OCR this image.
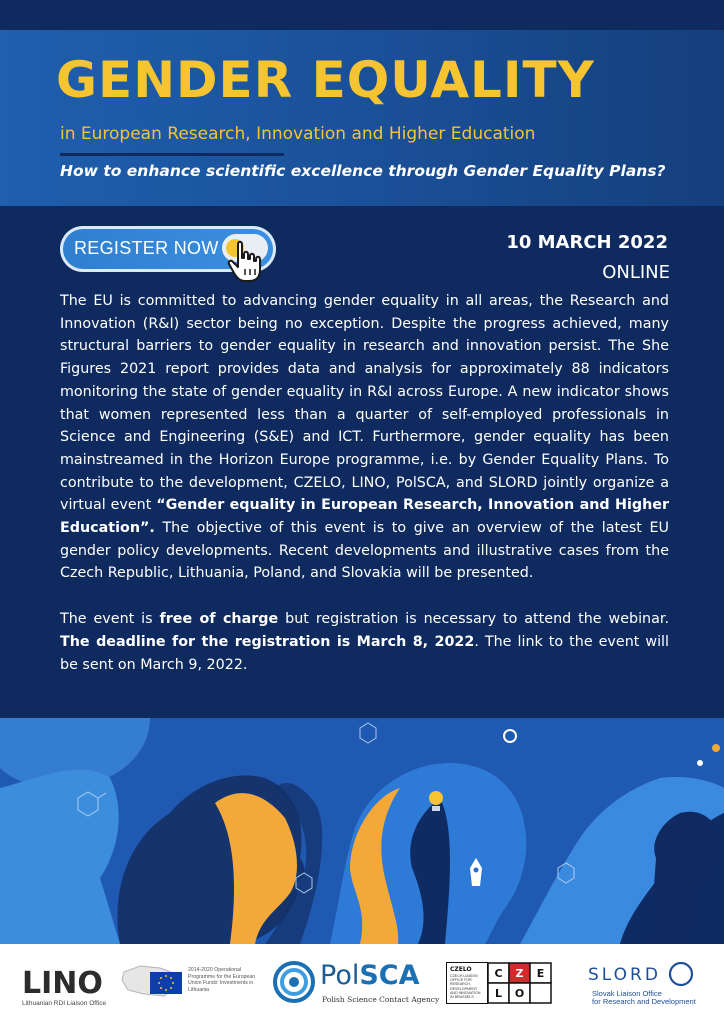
GENDER EQUALITY
in European Research, Innovation and Higher Education
How to enhance scientific excellence through Gender Equality Plans?
REGISTER NOW	10 MARCH 2022
ONLINE

The EU is committed to advancing gender equality in all areas, the Research and Innovation (R&I) sector being no exception. Despite the progress achieved, many structural barriers to gender equality in research and innovation persist. The She Figures 2021 report provides data and analysis for approximately 88 indicators monitoring the state of gender equality in R&I across Europe. A new indicator shows that women represented less than a quarter of self-employed professionals in Science and Engineering (S&E) and ICT. Furthermore, gender equality has been mainstreamed in the Horizon Europe programme, i.e. by Gender Equality Plans. To contribute to the development, CZELO, LINO, PolSCA, and SLORD jointly organize a virtual event “Gender equality in European Research, Innovation and Higher Education”. The objective of this event is to give an overview of the latest EU gender policy developments. Recent developments and illustrative cases from the Czech Republic, Lithuania, Poland, and Slovakia will be presented.

The event is free of charge but registration is necessary to attend the webinar. The deadline for the registration is March 8, 2022. The link to the event will be sent on March 9, 2022.

LINO
Lithuanian RDI Liaison Office
2014-2020 Operational Programme for the European Union Funds' Investments in Lithuania	PolSCA
Polish Science Contact Agency
CZELO
CZECH LIAISON OFFICE FOR RESEARCH, DEVELOPMENT AND INNOVATION IN BRUSSELS
C Z E
L O
SLORD
Slovak Liaison Office
for Research and Development
